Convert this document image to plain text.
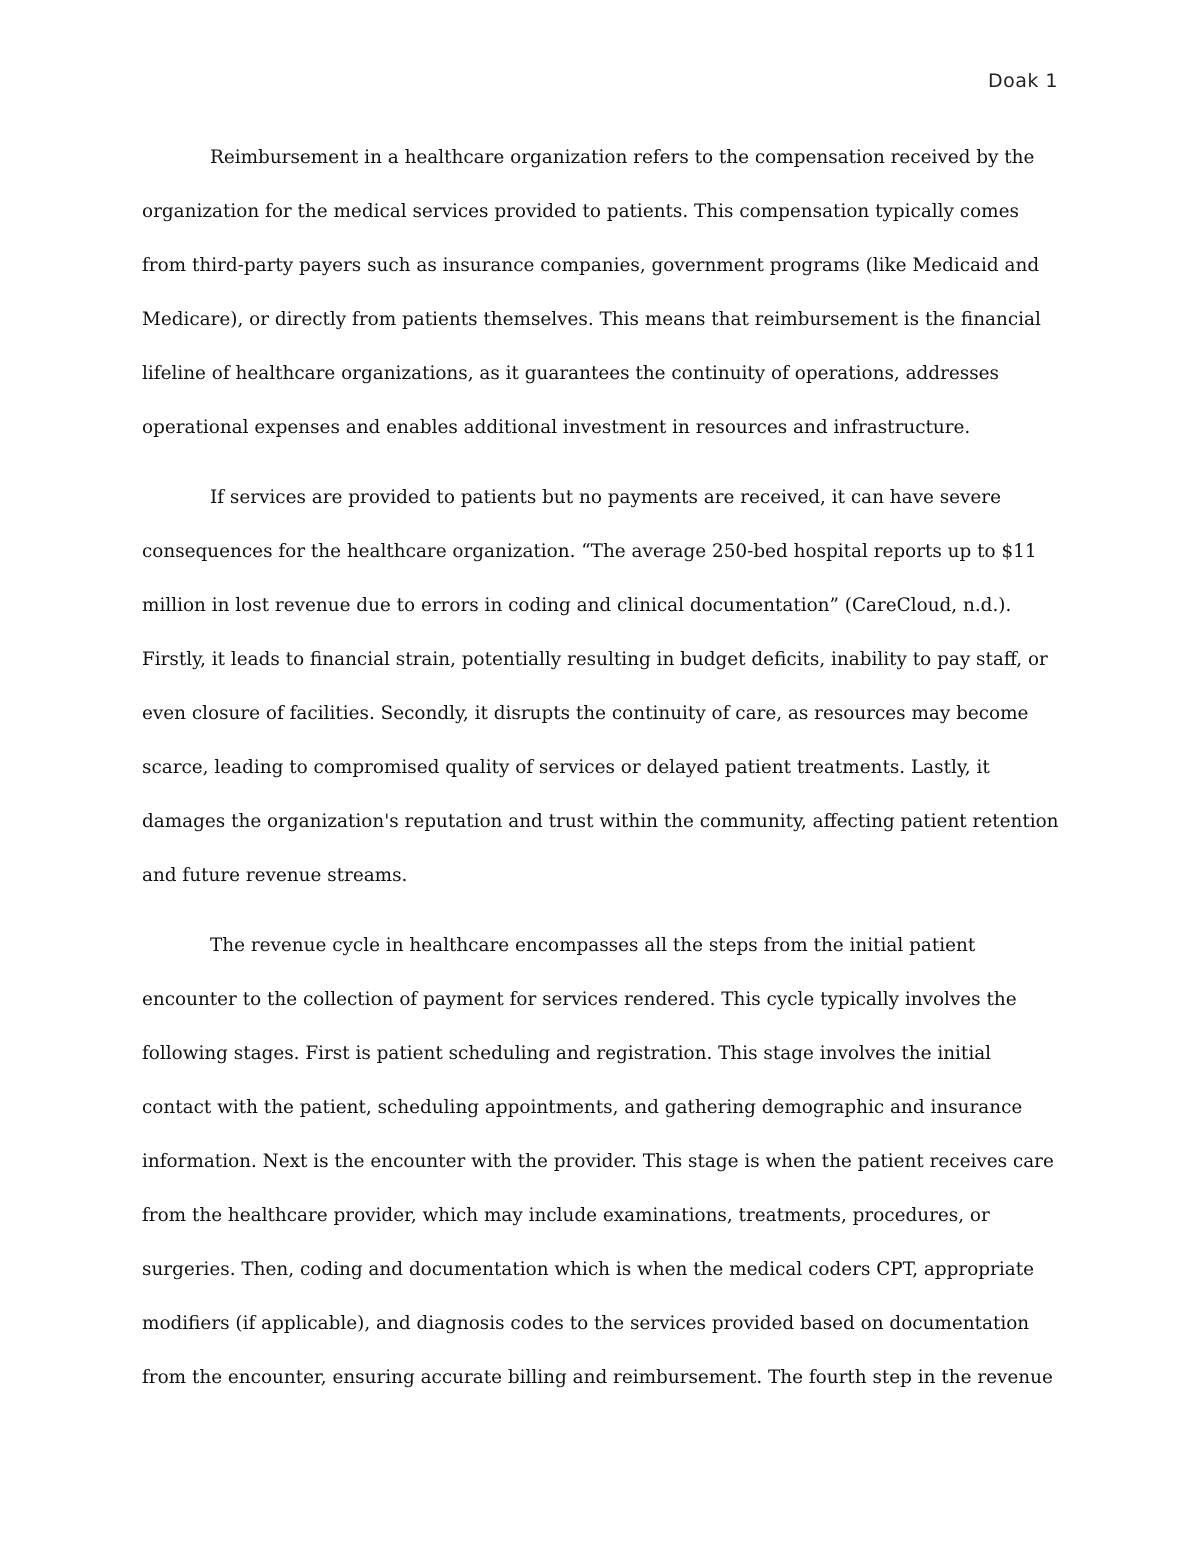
Doak 1
Reimbursement in a healthcare organization refers to the compensation received by the
organization for the medical services provided to patients. This compensation typically comes
from third-party payers such as insurance companies, government programs (like Medicaid and
Medicare), or directly from patients themselves. This means that reimbursement is the financial
lifeline of healthcare organizations, as it guarantees the continuity of operations, addresses
operational expenses and enables additional investment in resources and infrastructure.
If services are provided to patients but no payments are received, it can have severe
consequences for the healthcare organization. “The average 250-bed hospital reports up to $11
million in lost revenue due to errors in coding and clinical documentation” (CareCloud, n.d.).
Firstly, it leads to financial strain, potentially resulting in budget deficits, inability to pay staff, or
even closure of facilities. Secondly, it disrupts the continuity of care, as resources may become
scarce, leading to compromised quality of services or delayed patient treatments. Lastly, it
damages the organization's reputation and trust within the community, affecting patient retention
and future revenue streams.
The revenue cycle in healthcare encompasses all the steps from the initial patient
encounter to the collection of payment for services rendered. This cycle typically involves the
following stages. First is patient scheduling and registration. This stage involves the initial
contact with the patient, scheduling appointments, and gathering demographic and insurance
information. Next is the encounter with the provider. This stage is when the patient receives care
from the healthcare provider, which may include examinations, treatments, procedures, or
surgeries. Then, coding and documentation which is when the medical coders CPT, appropriate
modifiers (if applicable), and diagnosis codes to the services provided based on documentation
from the encounter, ensuring accurate billing and reimbursement. The fourth step in the revenue
